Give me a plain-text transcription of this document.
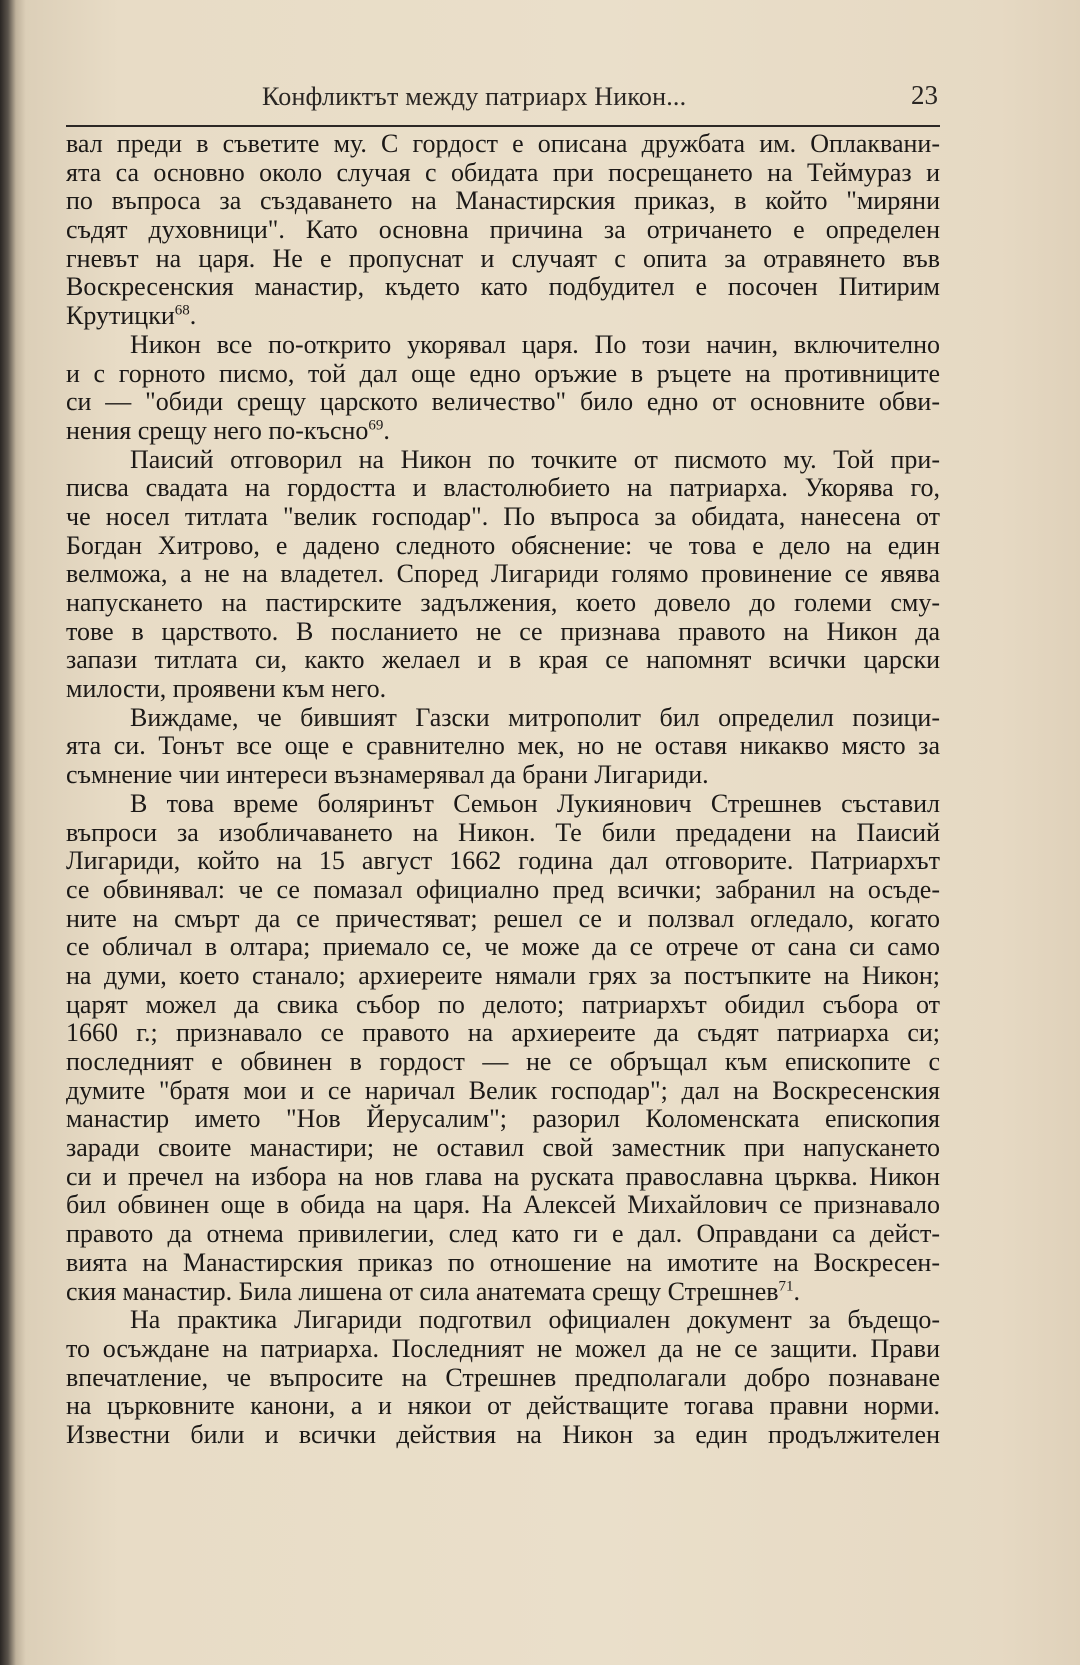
Конфликтът между патриарх Никон...	23
вал преди в съветите му. С гордост е описана дружбата им. Оплаквани-
ята са основно около случая с обидата при посрещането на Теймураз и
по въпроса за създаването на Манастирския приказ, в който "миряни
съдят духовници". Като основна причина за отричането е определен
гневът на царя. Не е пропуснат и случаят с опита за отравянето във
Воскресенския манастир, където като подбудител е посочен Питирим
Крутицки$^{68}$.
Никон все по-открито укорявал царя. По този начин, включително
и с горното писмо, той дал още едно оръжие в ръцете на противниците
си — "обиди срещу царското величество" било едно от основните обви-
нения срещу него по-късно$^{69}$.
Паисий отговорил на Никон по точките от писмото му. Той при-
писва свадата на гордостта и властолюбието на патриарха. Укорява го,
че носел титлата "велик господар". По въпроса за обидата, нанесена от
Богдан Хитрово, е дадено следното обяснение: че това е дело на един
велможа, а не на владетел. Според Лигариди голямо провинение се явява
напускането на пастирските задължения, което довело до големи сму-
тове в царството. В посланието не се признава правото на Никон да
запази титлата си, както желаел и в края се напомнят всички царски
милости, проявени към него.
Виждаме, че бившият Газски митрополит бил определил позици-
ята си. Тонът все още е сравнително мек, но не оставя никакво място за
съмнение чии интереси възнамерявал да брани Лигариди.
В това време боляринът Семьон Лукиянович Стрешнев съставил
въпроси за изобличаването на Никон. Те били предадени на Паисий
Лигариди, който на 15 август 1662 година дал отговорите. Патриархът
се обвинявал: че се помазал официално пред всички; забранил на осъде-
ните на смърт да се причестяват; решел се и ползвал огледало, когато
се обличал в олтара; приемало се, че може да се отрече от сана си само
на думи, което станало; архиереите нямали грях за постъпките на Никон;
царят можел да свика събор по делото; патриархът обидил събора от
1660 г.; признавало се правото на архиереите да съдят патриарха си;
последният е обвинен в гордост — не се обръщал към епископите с
думите "братя мои и се наричал Велик господар"; дал на Воскресенския
манастир името "Нов Йерусалим"; разорил Коломенската епископия
заради своите манастири; не оставил свой заместник при напускането
си и пречел на избора на нов глава на руската православна църква. Никон
бил обвинен още в обида на царя. На Алексей Михайлович се признавало
правото да отнема привилегии, след като ги е дал. Оправдани са дейст-
вията на Манастирския приказ по отношение на имотите на Воскресен-
ския манастир. Била лишена от сила анатемата срещу Стрешнев$^{71}$.
На практика Лигариди подготвил официален документ за бъдещо-
то осъждане на патриарха. Последният не можел да не се защити. Прави
впечатление, че въпросите на Стрешнев предполагали добро познаване
на църковните канони, а и някои от действащите тогава правни норми.
Известни били и всички действия на Никон за един продължителен
